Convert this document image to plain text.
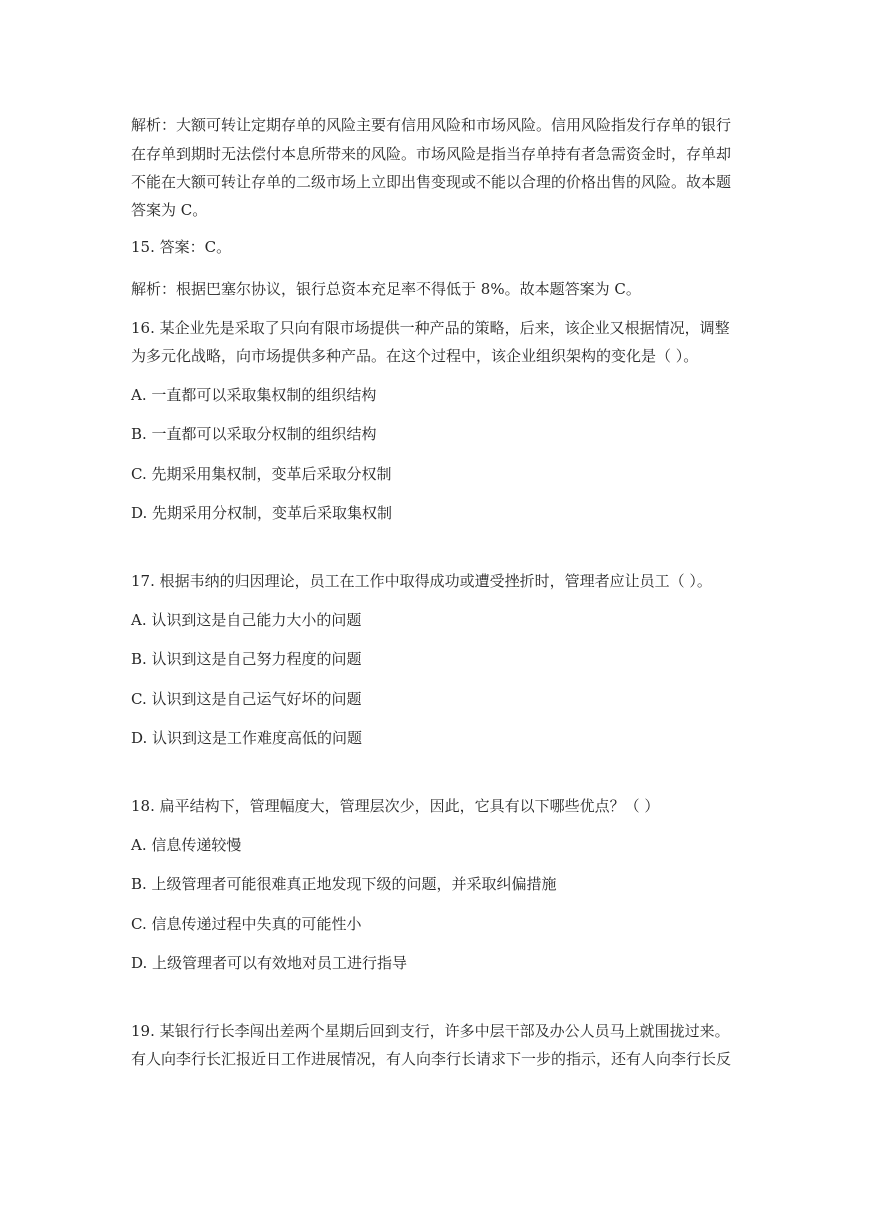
解析：大额可转让定期存单的风险主要有信用风险和市场风险。信用风险指发行存单的银行
在存单到期时无法偿付本息所带来的风险。市场风险是指当存单持有者急需资金时，存单却
不能在大额可转让存单的二级市场上立即出售变现或不能以合理的价格出售的风险。故本题
答案为 C。
15. 答案：C。
解析：根据巴塞尔协议，银行总资本充足率不得低于 8%。故本题答案为 C。
16. 某企业先是采取了只向有限市场提供一种产品的策略，后来，该企业又根据情况，调整
为多元化战略，向市场提供多种产品。在这个过程中，该企业组织架构的变化是（ ）。
A. 一直都可以采取集权制的组织结构
B. 一直都可以采取分权制的组织结构
C. 先期采用集权制，变革后采取分权制
D. 先期采用分权制，变革后采取集权制
17. 根据韦纳的归因理论，员工在工作中取得成功或遭受挫折时，管理者应让员工（ ）。
A. 认识到这是自己能力大小的问题
B. 认识到这是自己努力程度的问题
C. 认识到这是自己运气好坏的问题
D. 认识到这是工作难度高低的问题
18. 扁平结构下，管理幅度大，管理层次少，因此，它具有以下哪些优点？（ ）
A. 信息传递较慢
B. 上级管理者可能很难真正地发现下级的问题，并采取纠偏措施
C. 信息传递过程中失真的可能性小
D. 上级管理者可以有效地对员工进行指导
19. 某银行行长李闯出差两个星期后回到支行，许多中层干部及办公人员马上就围拢过来。
有人向李行长汇报近日工作进展情况，有人向李行长请求下一步的指示，还有人向李行长反
